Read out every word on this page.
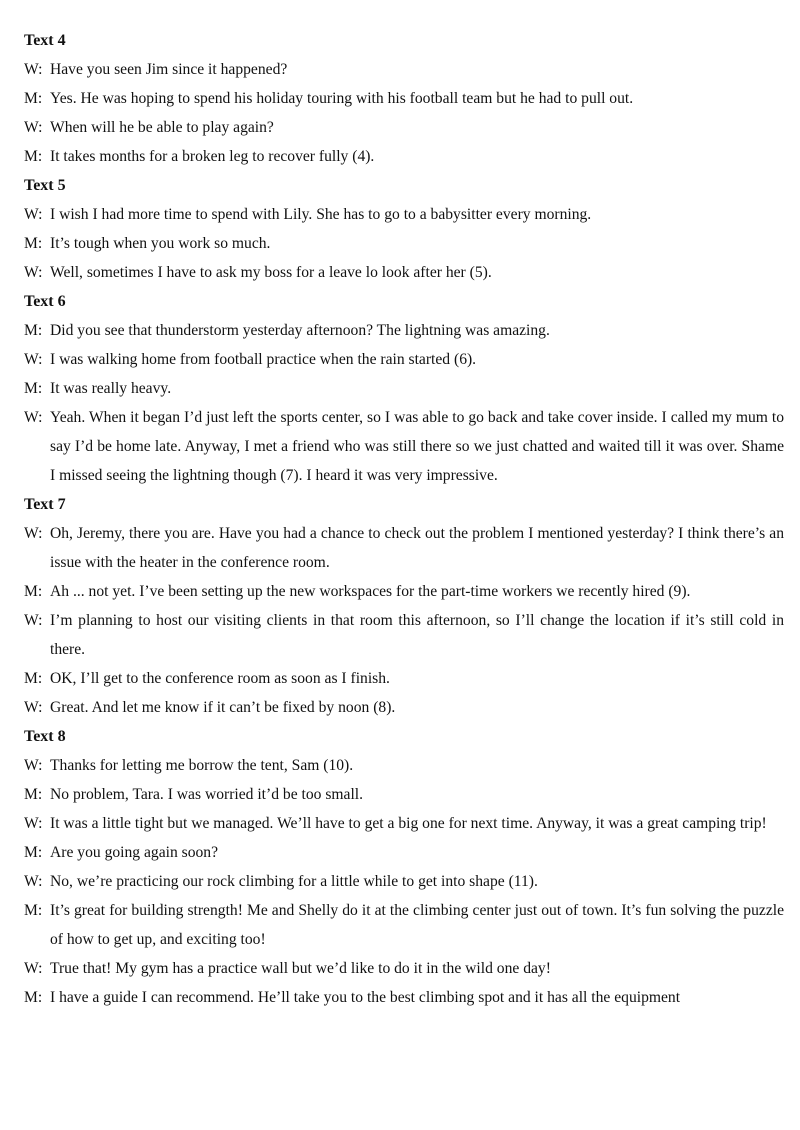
Text 4
W: Have you seen Jim since it happened?
M: Yes. He was hoping to spend his holiday touring with his football team but he had to pull out.
W: When will he be able to play again?
M: It takes months for a broken leg to recover fully (4).
Text 5
W: I wish I had more time to spend with Lily. She has to go to a babysitter every morning.
M: It’s tough when you work so much.
W: Well, sometimes I have to ask my boss for a leave lo look after her (5).
Text 6
M: Did you see that thunderstorm yesterday afternoon? The lightning was amazing.
W: I was walking home from football practice when the rain started (6).
M: It was really heavy.
W: Yeah. When it began I’d just left the sports center, so I was able to go back and take cover inside. I called my mum to say I’d be home late. Anyway, I met a friend who was still there so we just chatted and waited till it was over. Shame I missed seeing the lightning though (7). I heard it was very impressive.
Text 7
W: Oh, Jeremy, there you are. Have you had a chance to check out the problem I mentioned yesterday? I think there’s an issue with the heater in the conference room.
M: Ah ... not yet. I’ve been setting up the new workspaces for the part-time workers we recently hired (9).
W: I’m planning to host our visiting clients in that room this afternoon, so I’ll change the location if it’s still cold in there.
M: OK, I’ll get to the conference room as soon as I finish.
W: Great. And let me know if it can’t be fixed by noon (8).
Text 8
W: Thanks for letting me borrow the tent, Sam (10).
M: No problem, Tara. I was worried it’d be too small.
W: It was a little tight but we managed. We’ll have to get a big one for next time. Anyway, it was a great camping trip!
M: Are you going again soon?
W: No, we’re practicing our rock climbing for a little while to get into shape (11).
M: It’s great for building strength! Me and Shelly do it at the climbing center just out of town. It’s fun solving the puzzle of how to get up, and exciting too!
W: True that! My gym has a practice wall but we’d like to do it in the wild one day!
M: I have a guide I can recommend. He’ll take you to the best climbing spot and it has all the equipment
